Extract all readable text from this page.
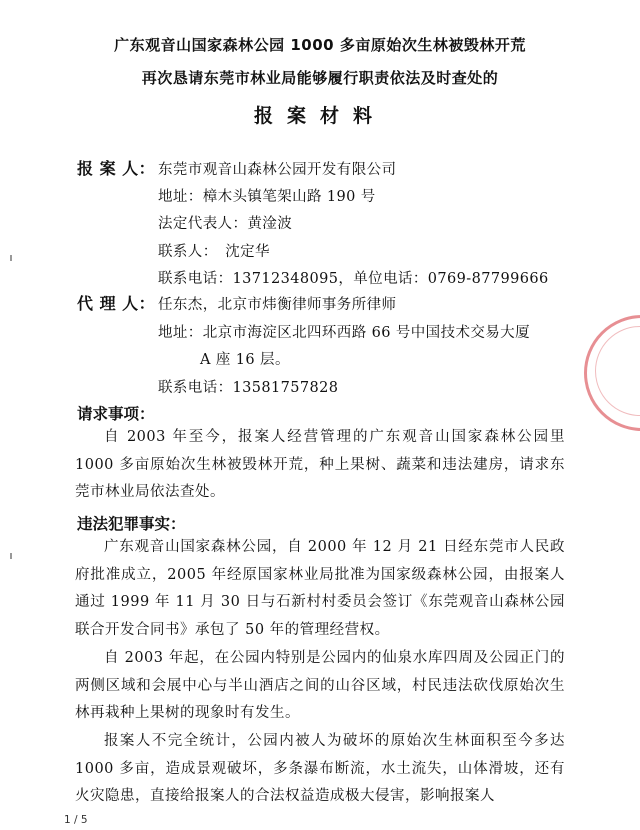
广东观音山国家森林公园 1000 多亩原始次生林被毁林开荒
再次恳请东莞市林业局能够履行职责依法及时查处的
报案材料
报 案 人： 东莞市观音山森林公园开发有限公司
地址：樟木头镇笔架山路 190 号
法定代表人：黄淦波
联系人：　沈定华
联系电话：13712348095，单位电话：0769-87799666
代 理 人： 任东杰，北京市炜衡律师事务所律师
地址：北京市海淀区北四环西路 66 号中国技术交易大厦
A 座 16 层。
联系电话：13581757828
请求事项：
自 2003 年至今，报案人经营管理的广东观音山国家森林公园里 1000 多亩原始次生林被毁林开荒，种上果树、蔬菜和违法建房，请求东莞市林业局依法查处。
违法犯罪事实：
广东观音山国家森林公园，自 2000 年 12 月 21 日经东莞市人民政府批准成立，2005 年经原国家林业局批准为国家级森林公园，由报案人通过 1999 年 11 月 30 日与石新村村委员会签订《东莞观音山森林公园联合开发合同书》承包了 50 年的管理经营权。
自 2003 年起，在公园内特别是公园内的仙泉水库四周及公园正门的两侧区域和会展中心与半山酒店之间的山谷区域，村民违法砍伐原始次生林再栽种上果树的现象时有发生。
报案人不完全统计，公园内被人为破坏的原始次生林面积至今多达 1000 多亩，造成景观破坏，多条瀑布断流，水土流失，山体滑坡，还有火灾隐患，直接给报案人的合法权益造成极大侵害，影响报案人
1 / 5
